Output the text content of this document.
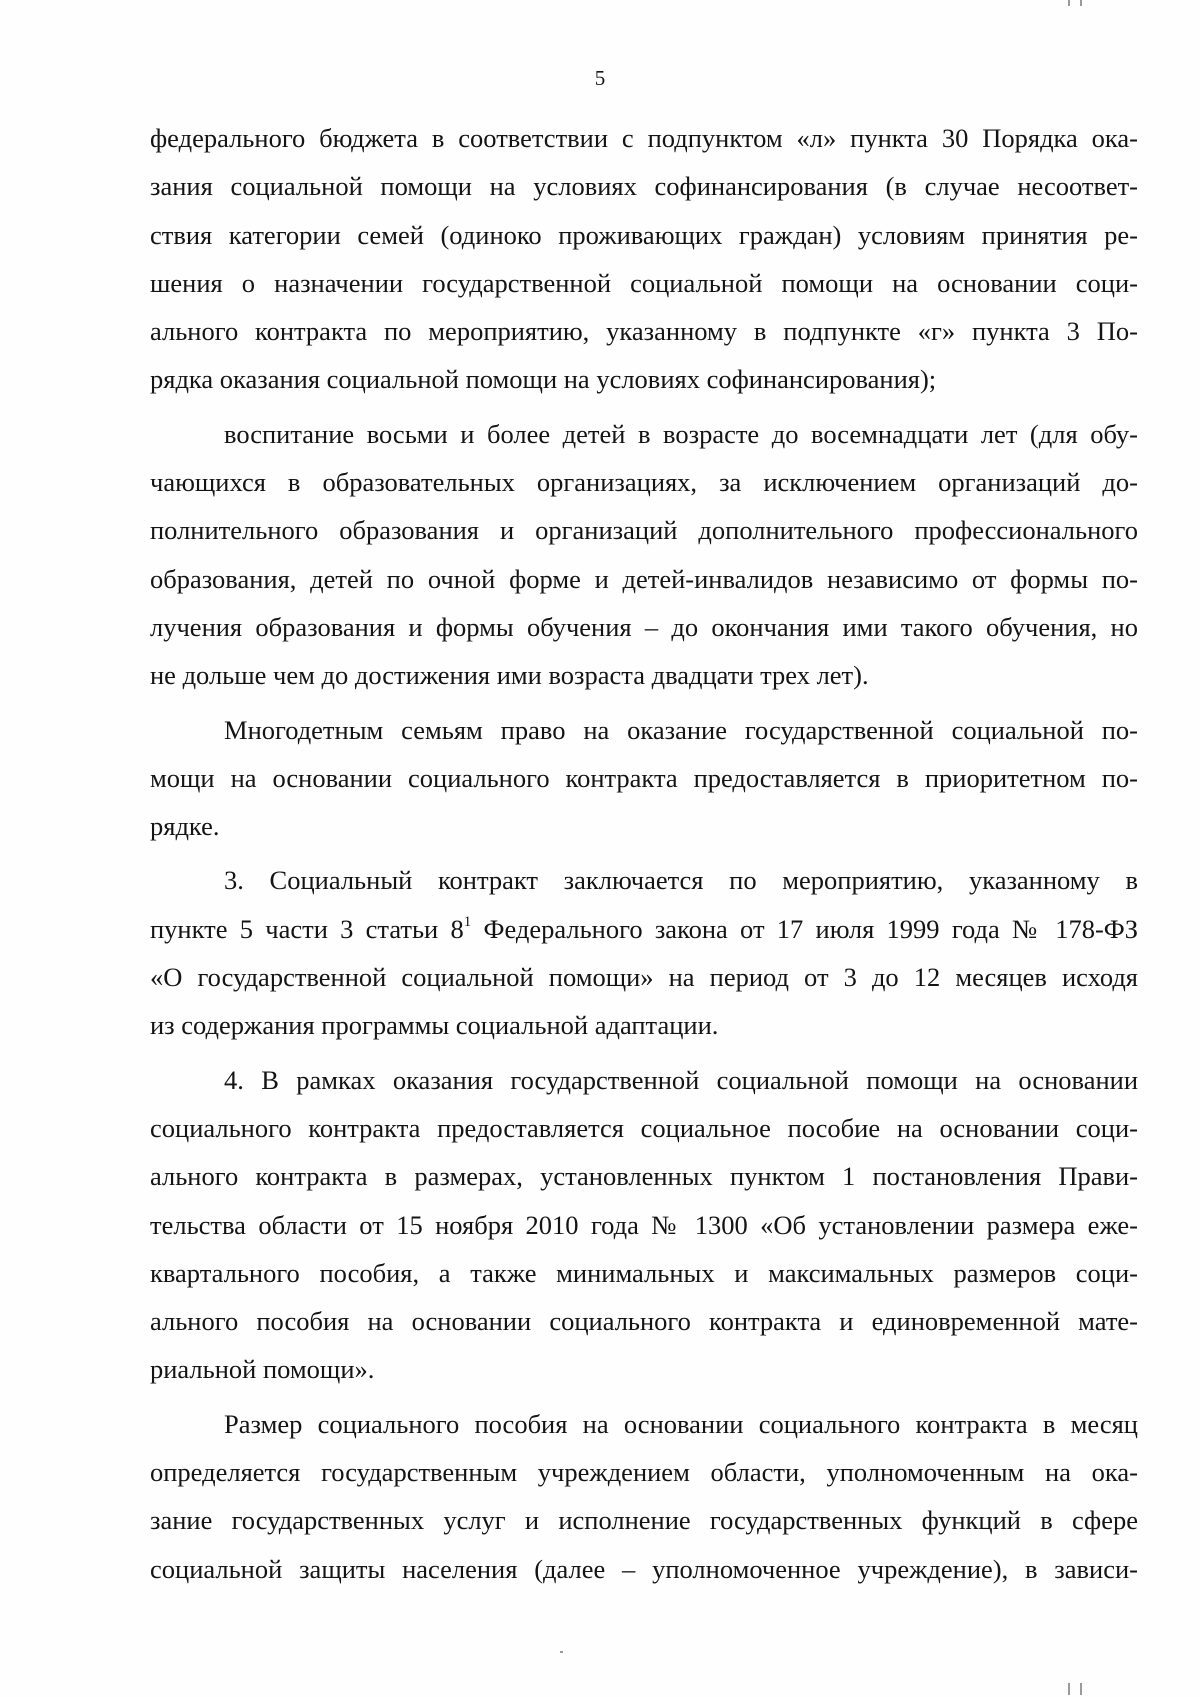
5

федерального бюджета в соответствии с подпунктом «л» пункта 30 Порядка ока-
зания социальной помощи на условиях софинансирования (в случае несоответ-
ствия категории семей (одиноко проживающих граждан) условиям принятия ре-
шения о назначении государственной социальной помощи на основании соци-
ального контракта по мероприятию, указанному в подпункте «г» пункта 3 По-
рядка оказания социальной помощи на условиях софинансирования);

воспитание восьми и более детей в возрасте до восемнадцати лет (для обу-
чающихся в образовательных организациях, за исключением организаций до-
полнительного образования и организаций дополнительного профессионального
образования, детей по очной форме и детей-инвалидов независимо от формы по-
лучения образования и формы обучения – до окончания ими такого обучения, но
не дольше чем до достижения ими возраста двадцати трех лет).

Многодетным семьям право на оказание государственной социальной по-
мощи на основании социального контракта предоставляется в приоритетном по-
рядке.

3. Социальный контракт заключается по мероприятию, указанному в
пункте 5 части 3 статьи $8^1$ Федерального закона от 17 июля 1999 года № 178-ФЗ
«О государственной социальной помощи» на период от 3 до 12 месяцев исходя
из содержания программы социальной адаптации.

4. В рамках оказания государственной социальной помощи на основании
социального контракта предоставляется социальное пособие на основании соци-
ального контракта в размерах, установленных пунктом 1 постановления Прави-
тельства области от 15 ноября 2010 года № 1300 «Об установлении размера еже-
квартального пособия, а также минимальных и максимальных размеров соци-
ального пособия на основании социального контракта и единовременной мате-
риальной помощи».

Размер социального пособия на основании социального контракта в месяц
определяется государственным учреждением области, уполномоченным на ока-
зание государственных услуг и исполнение государственных функций в сфере
социальной защиты населения (далее – уполномоченное учреждение), в зависи-
